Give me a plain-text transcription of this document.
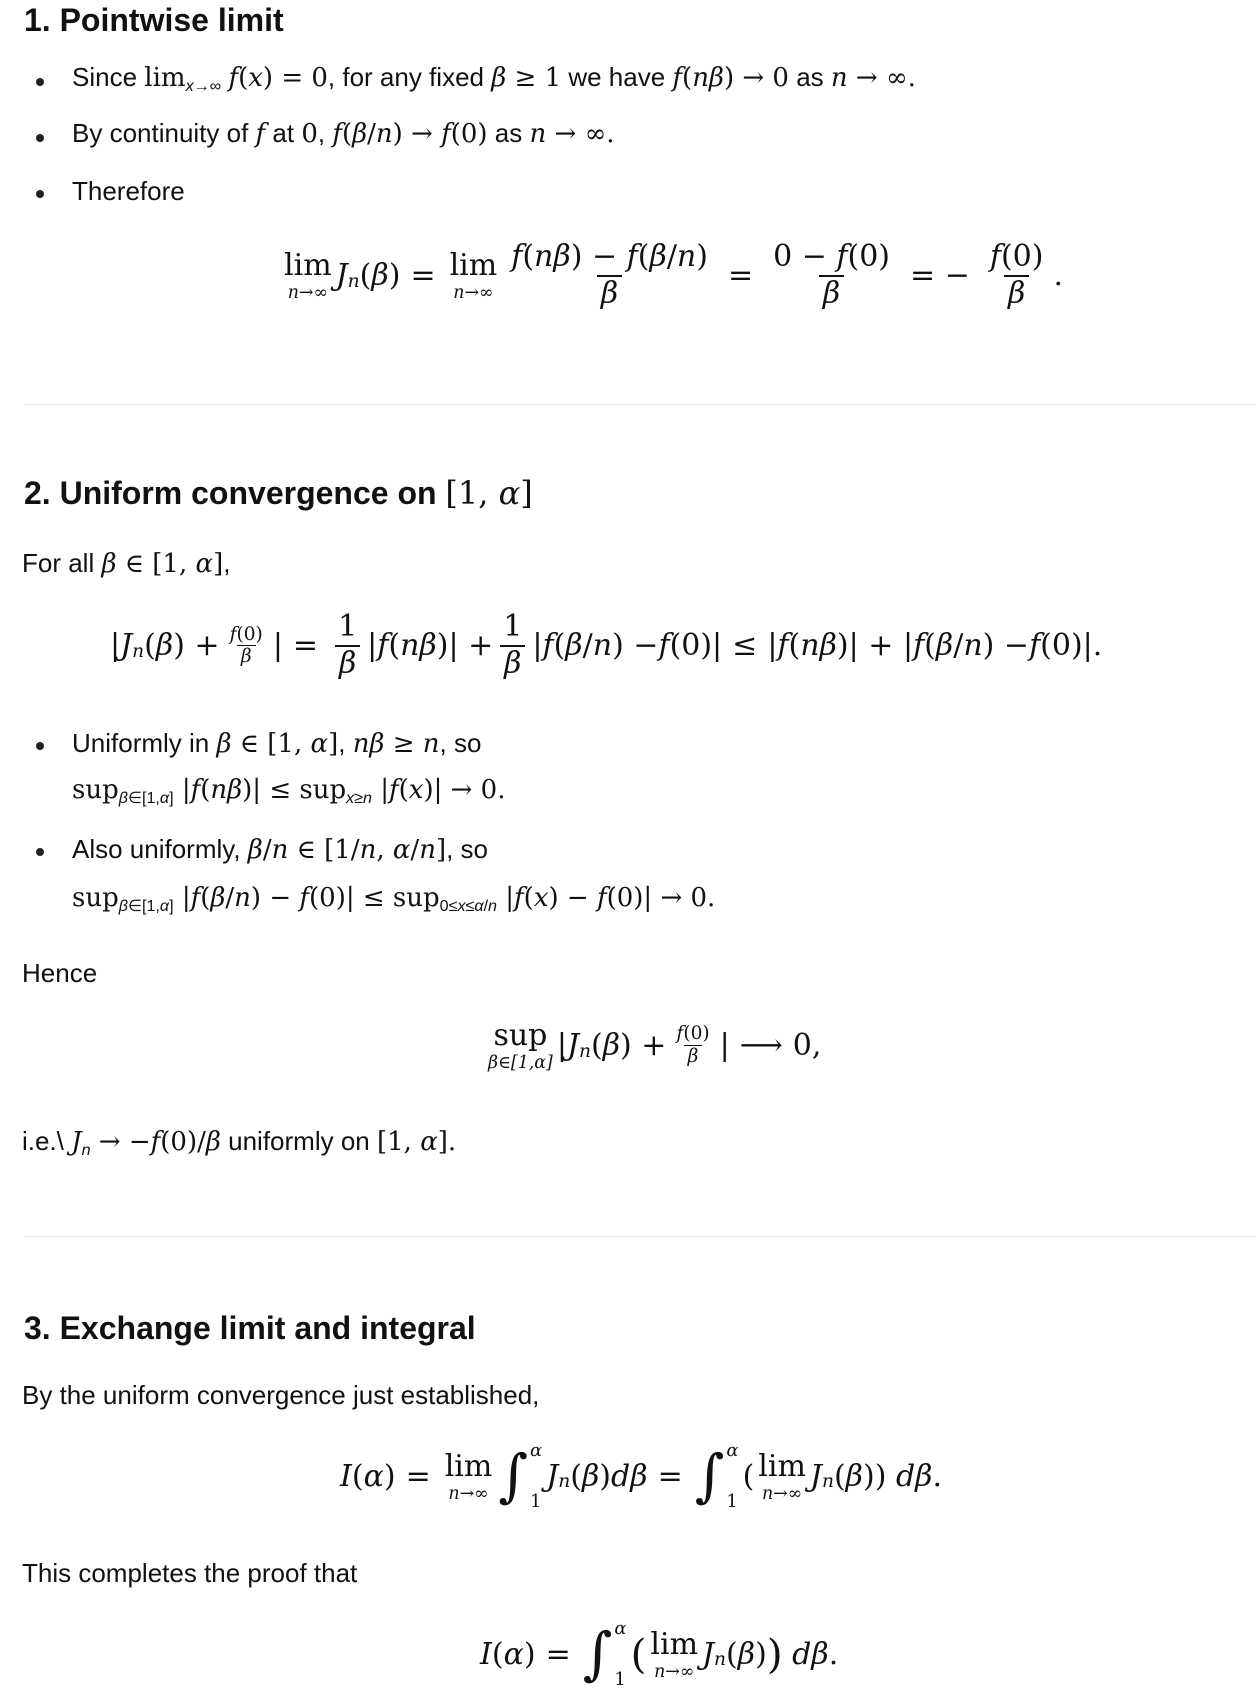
1. Pointwise limit
Since limx→∞ f(x) = 0, for any fixed β ≥ 1 we have f(nβ) → 0 as n → ∞.
By continuity of f at 0, f(β/n) → f(0) as n → ∞.
Therefore
lim
n→∞
J n ( β ) = lim
$n\to\infty \frac{f(n\beta) - f(\beta/n)}{\beta} = \frac{0 - f(0)}{\beta}$ = − $\frac{f(0)}{\beta}$ .
2. Uniform convergence on [1, α]
For all β ∈ [1, α],
| J n ( β ) + $\frac{f(0)}{\beta}$ | = $\frac{1}{\beta}$ | f ( nβ )| + $\frac{1}{\beta}$ | f ( β / n ) − f (0)| ≤ | f ( nβ )| + | f ( β / n ) − f (0)|.
Uniformly in β ∈ [1, α], nβ ≥ n, so
supβ∈[1,α] |f(nβ)| ≤ supx≥n |f(x)| → 0.
Also uniformly, β/n ∈ [1/n, α/n], so
supβ∈[1,α] |f(β/n) − f(0)| ≤ sup0≤x≤α/n |f(x) − f(0)| → 0.
Hence
sup
β∈[1,α]
| J n ( β ) + $\frac{f(0)}{\beta}$ | ⟶ 0,
i.e.\ Jn → −f(0)/β uniformly on [1, α].
3. Exchange limit and integral
By the uniform convergence just established,
I ( α ) = lim
n→∞ ∫ α
1
J n ( β ) dβ = ∫ α
1
( lim
n→∞
J n ( β )) dβ .
This completes the proof that
I ( α ) = ∫ α
1
( lim
n→∞
J n ( β ) ) dβ .
